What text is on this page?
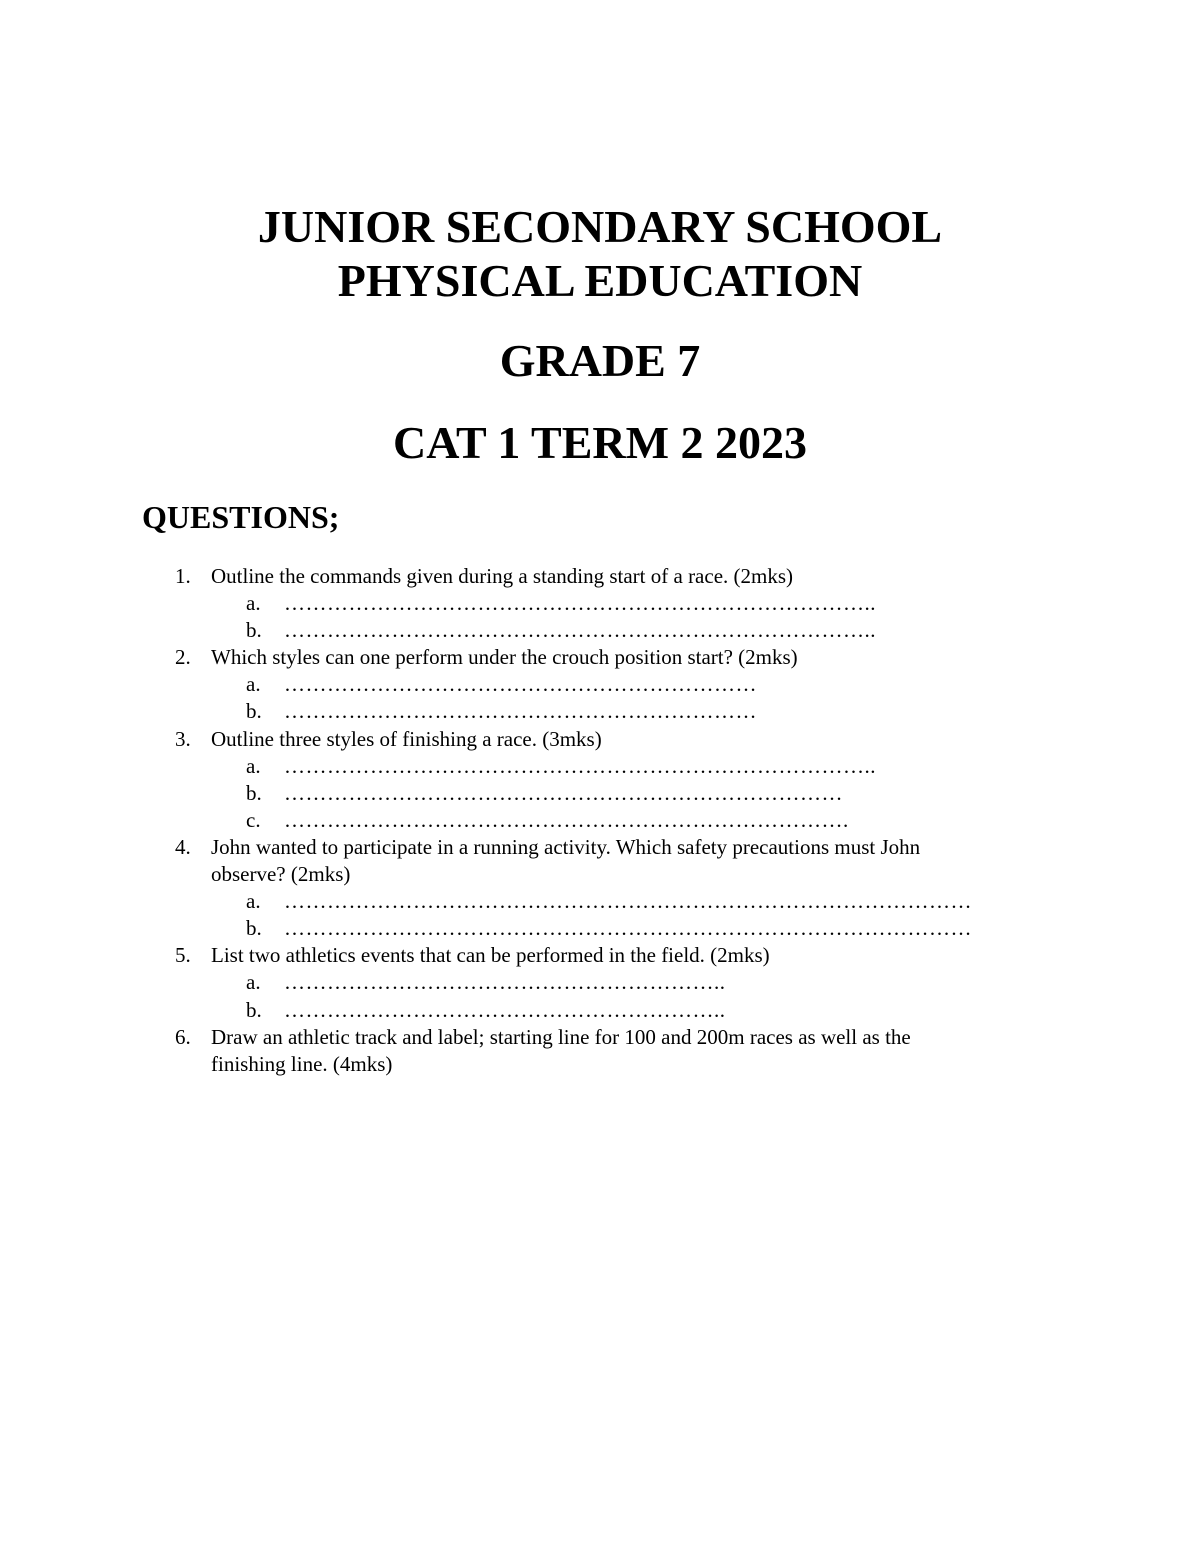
JUNIOR SECONDARY SCHOOL
PHYSICAL EDUCATION
GRADE 7
CAT 1 TERM 2 2023
QUESTIONS;
1. Outline the commands given during a standing start of a race. (2mks)
a. ………………………………………………………………………..
b. ………………………………………………………………………..
2. Which styles can one perform under the crouch position start? (2mks)
a. …………………………………………………………
b. …………………………………………………………
3. Outline three styles of finishing a race. (3mks)
a. ………………………………………………………………………..
b. ……………………………………………………………………
c. …………………………………………………………………….
4. John wanted to participate in a running activity. Which safety precautions must John
observe? (2mks)
a. ……………………………………………………………………………………
b. ……………………………………………………………………………………
5. List two athletics events that can be performed in the field. (2mks)
a. ……………………………………………………..
b. ……………………………………………………..
6. Draw an athletic track and label; starting line for 100 and 200m races as well as the
finishing line. (4mks)
